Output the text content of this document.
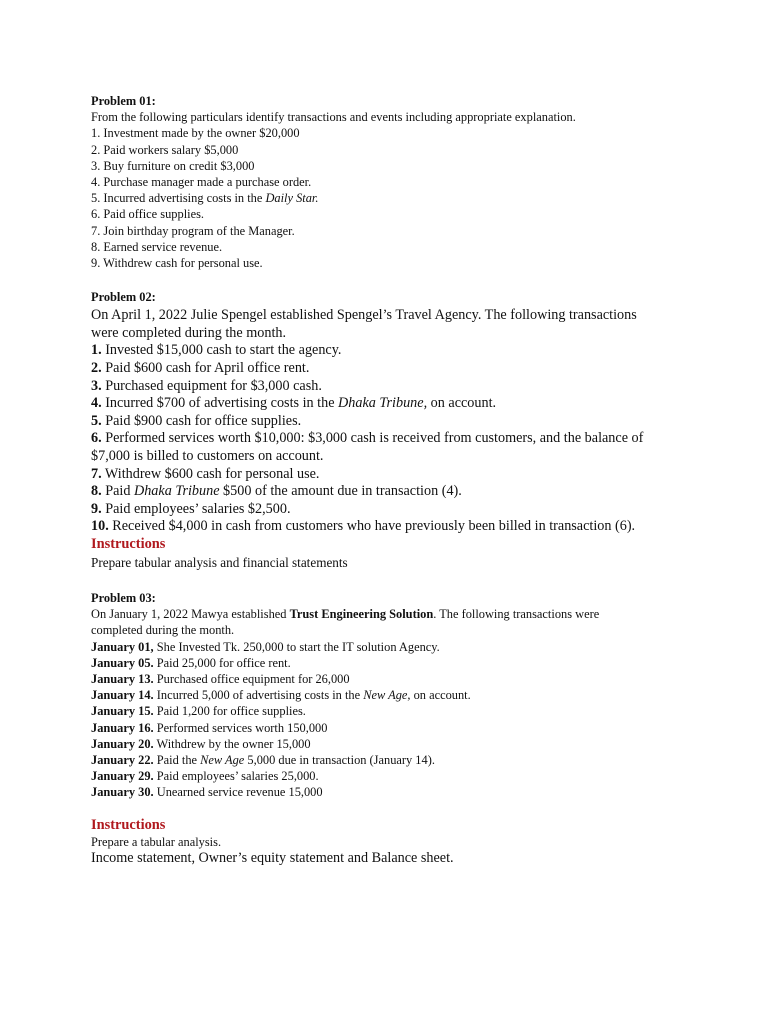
Problem 01:
From the following particulars identify transactions and events including appropriate explanation.
1. Investment made by the owner $20,000
2. Paid workers salary $5,000
3. Buy furniture on credit $3,000
4. Purchase manager made a purchase order.
5. Incurred advertising costs in the Daily Star.
6. Paid office supplies.
7. Join birthday program of the Manager.
8. Earned service revenue.
9. Withdrew cash for personal use.
Problem 02:
On April 1, 2022 Julie Spengel established Spengel’s Travel Agency. The following transactions
were completed during the month.
1. Invested $15,000 cash to start the agency.
2. Paid $600 cash for April office rent.
3. Purchased equipment for $3,000 cash.
4. Incurred $700 of advertising costs in the Dhaka Tribune, on account.
5. Paid $900 cash for office supplies.
6. Performed services worth $10,000: $3,000 cash is received from customers, and the balance of
$7,000 is billed to customers on account.
7. Withdrew $600 cash for personal use.
8. Paid Dhaka Tribune $500 of the amount due in transaction (4).
9. Paid employees’ salaries $2,500.
10. Received $4,000 in cash from customers who have previously been billed in transaction (6).
Instructions
Prepare tabular analysis and financial statements
Problem 03:
On January 1, 2022 Mawya established Trust Engineering Solution. The following transactions were
completed during the month.
January 01, She Invested Tk. 250,000 to start the IT solution Agency.
January 05. Paid 25,000 for office rent.
January 13. Purchased office equipment for 26,000
January 14. Incurred 5,000 of advertising costs in the New Age, on account.
January 15. Paid 1,200 for office supplies.
January 16. Performed services worth 150,000
January 20. Withdrew by the owner 15,000
January 22. Paid the New Age 5,000 due in transaction (January 14).
January 29. Paid employees’ salaries 25,000.
January 30. Unearned service revenue 15,000
Instructions
Prepare a tabular analysis.
Income statement, Owner’s equity statement and Balance sheet.
